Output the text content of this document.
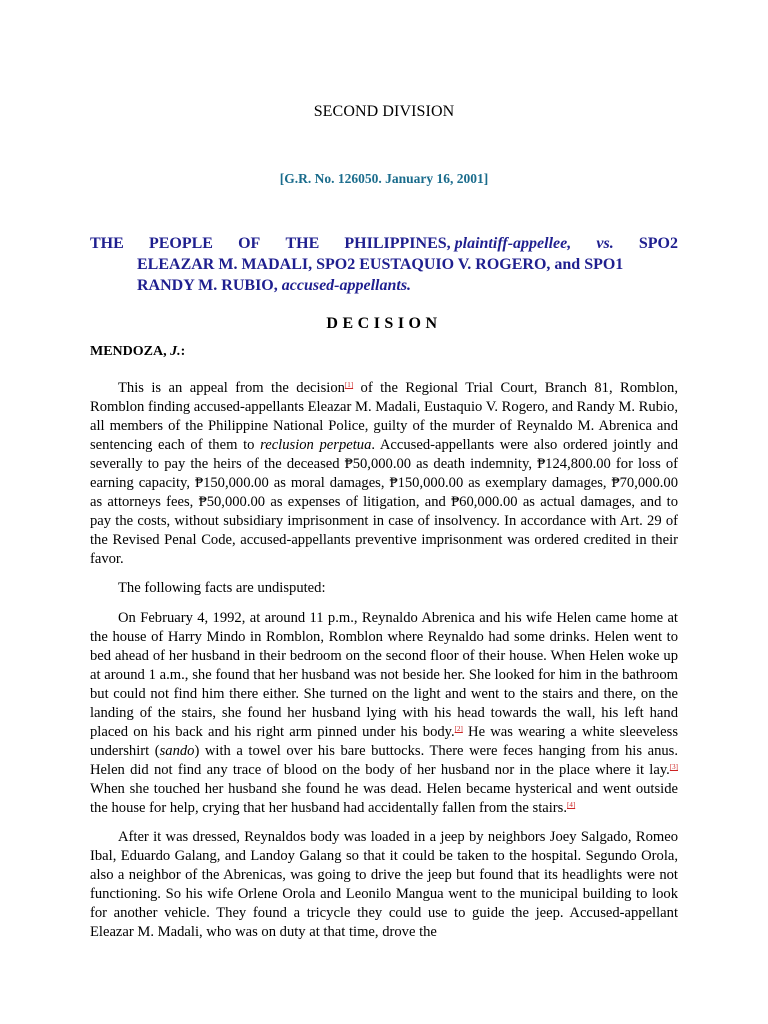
SECOND DIVISION
[G.R. No. 126050. January 16, 2001]
THE PEOPLE OF THE PHILIPPINES, plaintiff-appellee, vs. SPO2
ELEAZAR M. MADALI, SPO2 EUSTAQUIO V. ROGERO, and SPO1
RANDY M. RUBIO, accused-appellants.
DECISION
MENDOZA, J.:

This is an appeal from the decision[1] of the Regional Trial Court, Branch 81, Romblon, Romblon finding accused-appellants Eleazar M. Madali, Eustaquio V. Rogero, and Randy M. Rubio, all members of the Philippine National Police, guilty of the murder of Reynaldo M. Abrenica and sentencing each of them to reclusion perpetua. Accused-appellants were also ordered jointly and severally to pay the heirs of the deceased ₱50,000.00 as death indemnity, ₱124,800.00 for loss of earning capacity, ₱150,000.00 as moral damages, ₱150,000.00 as exemplary damages, ₱70,000.00 as attorneys fees, ₱50,000.00 as expenses of litigation, and ₱60,000.00 as actual damages, and to pay the costs, without subsidiary imprisonment in case of insolvency. In accordance with Art. 29 of the Revised Penal Code, accused-appellants preventive imprisonment was ordered credited in their favor.

The following facts are undisputed:

On February 4, 1992, at around 11 p.m., Reynaldo Abrenica and his wife Helen came home at the house of Harry Mindo in Romblon, Romblon where Reynaldo had some drinks. Helen went to bed ahead of her husband in their bedroom on the second floor of their house. When Helen woke up at around 1 a.m., she found that her husband was not beside her. She looked for him in the bathroom but could not find him there either. She turned on the light and went to the stairs and there, on the landing of the stairs, she found her husband lying with his head towards the wall, his left hand placed on his back and his right arm pinned under his body.[2] He was wearing a white sleeveless undershirt (sando) with a towel over his bare buttocks. There were feces hanging from his anus. Helen did not find any trace of blood on the body of her husband nor in the place where it lay.[3] When she touched her husband she found he was dead. Helen became hysterical and went outside the house for help, crying that her husband had accidentally fallen from the stairs.[4]

After it was dressed, Reynaldos body was loaded in a jeep by neighbors Joey Salgado, Romeo Ibal, Eduardo Galang, and Landoy Galang so that it could be taken to the hospital. Segundo Orola, also a neighbor of the Abrenicas, was going to drive the jeep but found that its headlights were not functioning. So his wife Orlene Orola and Leonilo Mangua went to the municipal building to look for another vehicle. They found a tricycle they could use to guide the jeep. Accused-appellant Eleazar M. Madali, who was on duty at that time, drove the
